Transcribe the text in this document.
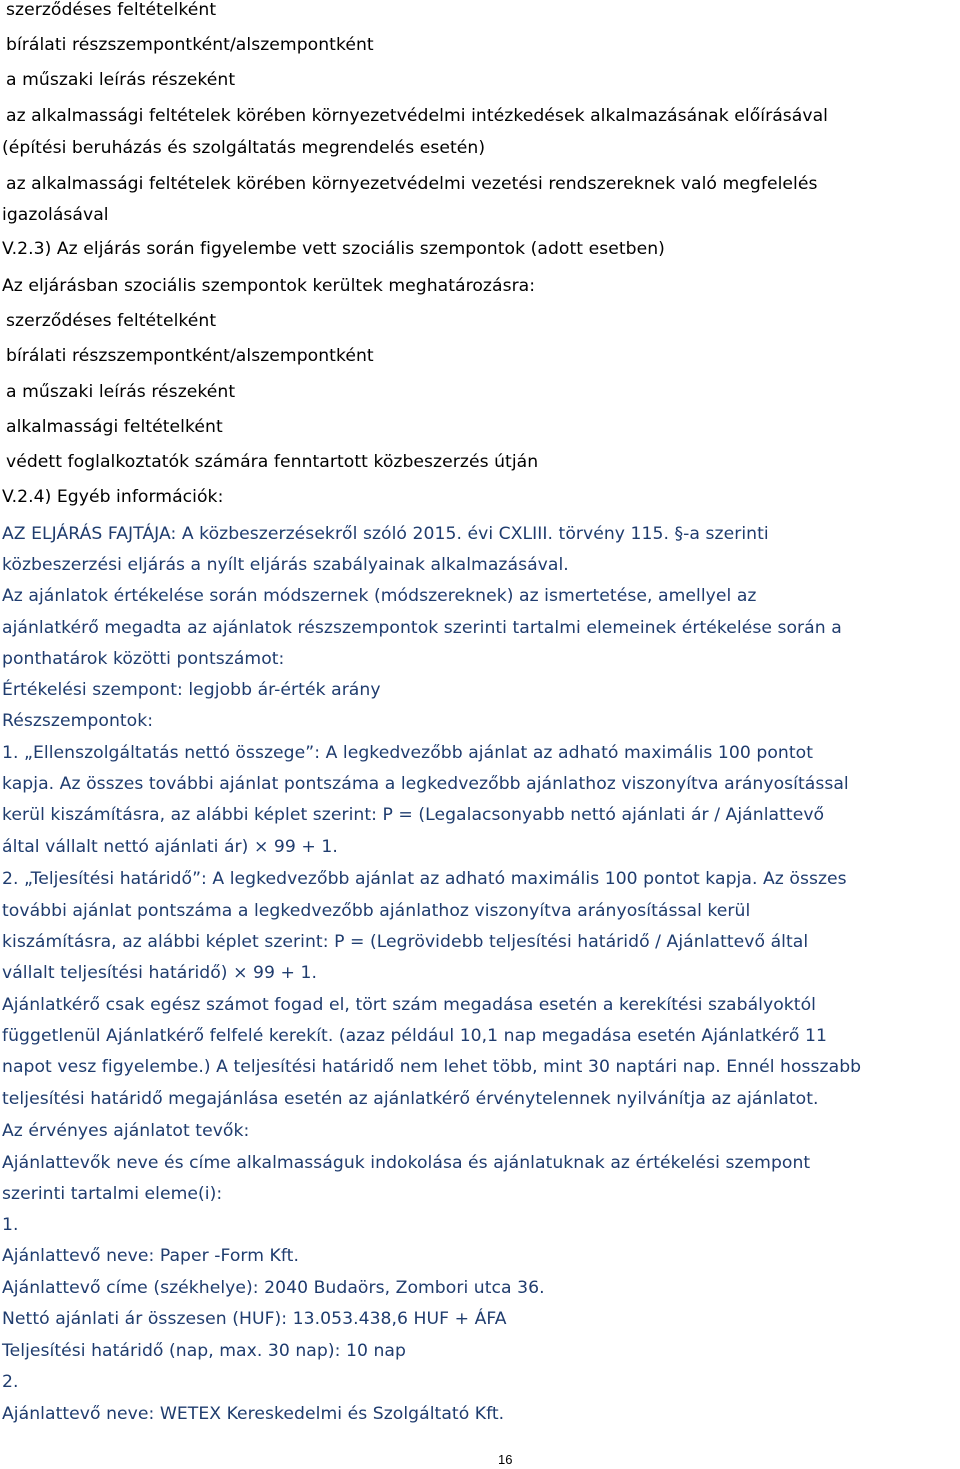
szerződéses feltételként
bírálati részszempontként/alszempontként
a műszaki leírás részeként
az alkalmassági feltételek körében környezetvédelmi intézkedések alkalmazásának előírásával
(építési beruházás és szolgáltatás megrendelés esetén)
az alkalmassági feltételek körében környezetvédelmi vezetési rendszereknek való megfelelés
igazolásával
V.2.3) Az eljárás során figyelembe vett szociális szempontok (adott esetben)
Az eljárásban szociális szempontok kerültek meghatározásra:
szerződéses feltételként
bírálati részszempontként/alszempontként
a műszaki leírás részeként
alkalmassági feltételként
védett foglalkoztatók számára fenntartott közbeszerzés útján
V.2.4) Egyéb információk:
AZ ELJÁRÁS FAJTÁJA: A közbeszerzésekről szóló 2015. évi CXLIII. törvény 115. §-a szerinti
közbeszerzési eljárás a nyílt eljárás szabályainak alkalmazásával.
Az ajánlatok értékelése során módszernek (módszereknek) az ismertetése, amellyel az
ajánlatkérő megadta az ajánlatok részszempontok szerinti tartalmi elemeinek értékelése során a
ponthatárok közötti pontszámot:
Értékelési szempont: legjobb ár-érték arány
Részszempontok:
1. „Ellenszolgáltatás nettó összege”: A legkedvezőbb ajánlat az adható maximális 100 pontot
kapja. Az összes további ajánlat pontszáma a legkedvezőbb ajánlathoz viszonyítva arányosítással
kerül kiszámításra, az alábbi képlet szerint: P = (Legalacsonyabb nettó ajánlati ár / Ajánlattevő
által vállalt nettó ajánlati ár) × 99 + 1.
2. „Teljesítési határidő”: A legkedvezőbb ajánlat az adható maximális 100 pontot kapja. Az összes
további ajánlat pontszáma a legkedvezőbb ajánlathoz viszonyítva arányosítással kerül
kiszámításra, az alábbi képlet szerint: P = (Legrövidebb teljesítési határidő / Ajánlattevő által
vállalt teljesítési határidő) × 99 + 1.
Ajánlatkérő csak egész számot fogad el, tört szám megadása esetén a kerekítési szabályoktól
függetlenül Ajánlatkérő felfelé kerekít. (azaz például 10,1 nap megadása esetén Ajánlatkérő 11
napot vesz figyelembe.) A teljesítési határidő nem lehet több, mint 30 naptári nap. Ennél hosszabb
teljesítési határidő megajánlása esetén az ajánlatkérő érvénytelennek nyilvánítja az ajánlatot.
Az érvényes ajánlatot tevők:
Ajánlattevők neve és címe alkalmasságuk indokolása és ajánlatuknak az értékelési szempont
szerinti tartalmi eleme(i):
1.
Ajánlattevő neve: Paper -Form Kft.
Ajánlattevő címe (székhelye): 2040 Budaörs, Zombori utca 36.
Nettó ajánlati ár összesen (HUF): 13.053.438,6 HUF + ÁFA
Teljesítési határidő (nap, max. 30 nap): 10 nap
2.
Ajánlattevő neve: WETEX Kereskedelmi és Szolgáltató Kft.
16
